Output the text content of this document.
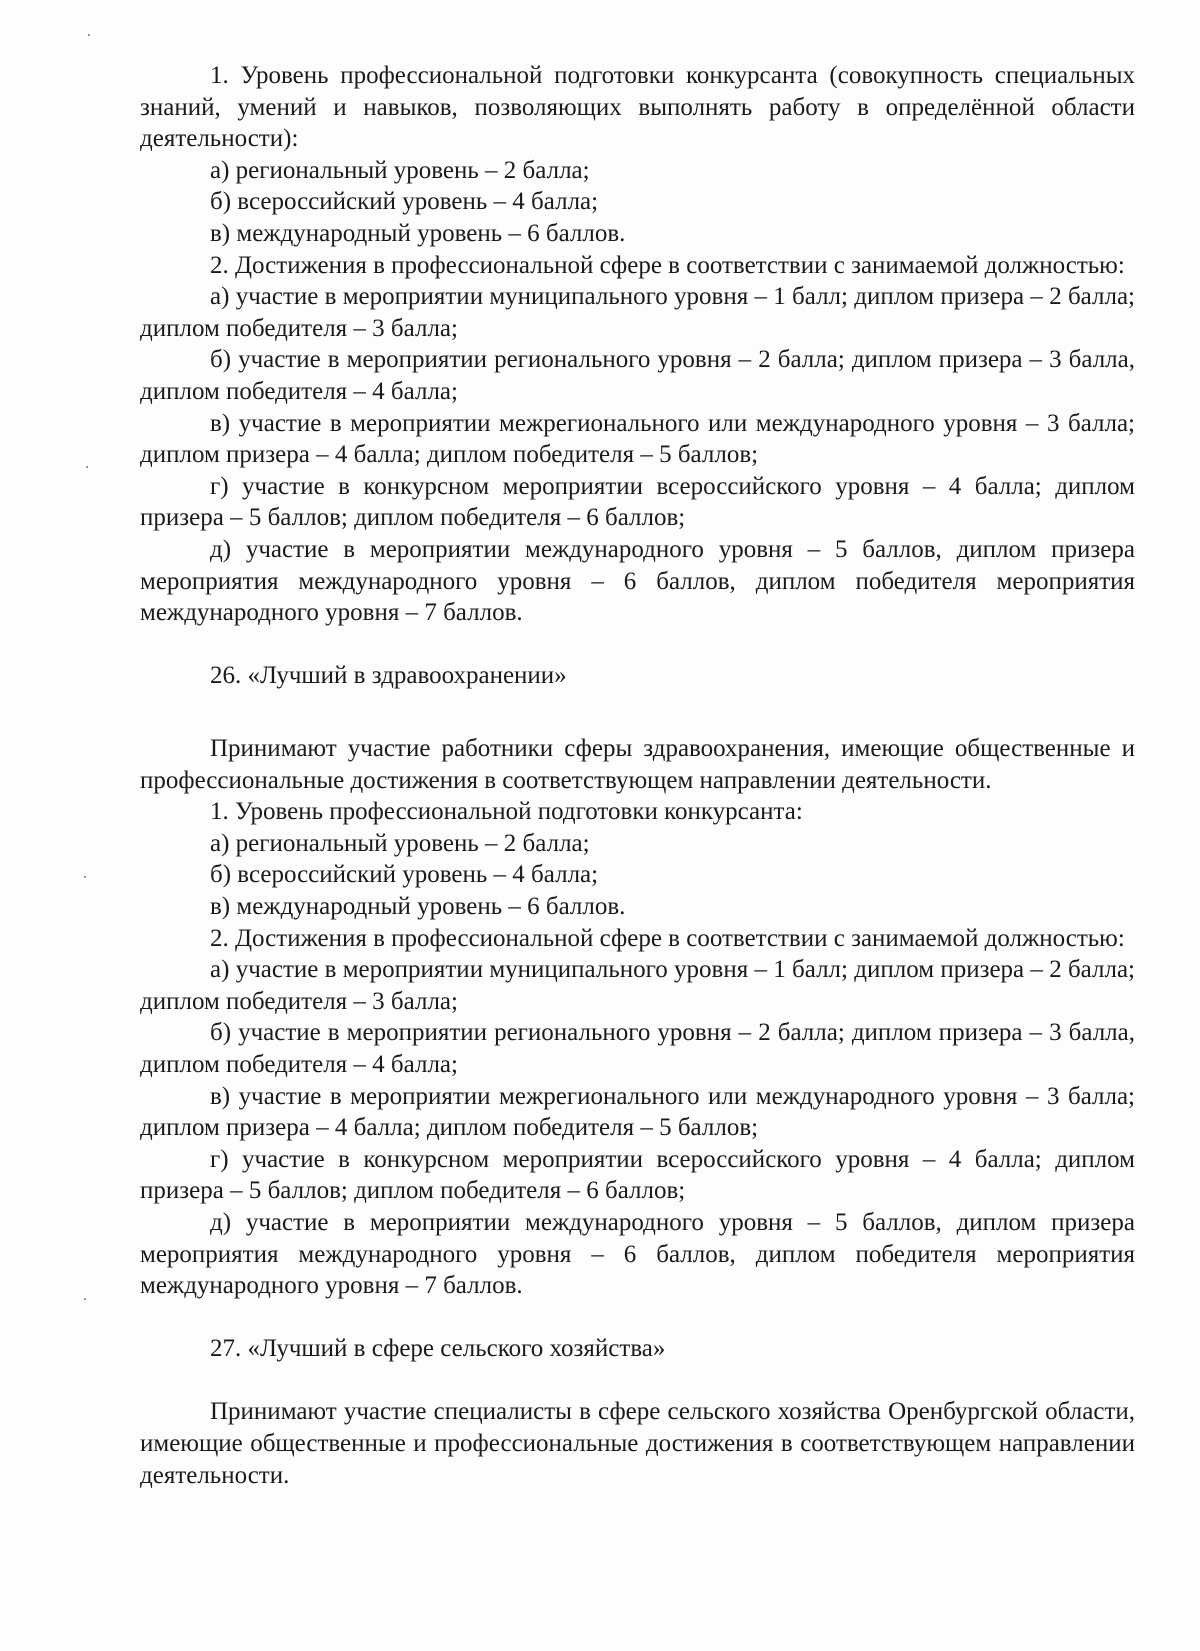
1. Уровень профессиональной подготовки конкурсанта (совокупность специальных знаний, умений и навыков, позволяющих выполнять работу в определённой области деятельности):

а) региональный уровень – 2 балла;

б) всероссийский уровень – 4 балла;

в) международный уровень – 6 баллов.

2. Достижения в профессиональной сфере в соответствии с занимаемой должностью:

а) участие в мероприятии муниципального уровня – 1 балл; диплом призера – 2 балла; диплом победителя – 3 балла;

б) участие в мероприятии регионального уровня – 2 балла; диплом призера – 3 балла, диплом победителя – 4 балла;

в) участие в мероприятии межрегионального или международного уровня – 3 балла; диплом призера – 4 балла; диплом победителя – 5 баллов;

г) участие в конкурсном мероприятии всероссийского уровня – 4 балла; диплом призера – 5 баллов; диплом победителя – 6 баллов;

д) участие в мероприятии международного уровня – 5 баллов, диплом призера мероприятия международного уровня – 6 баллов, диплом победителя мероприятия международного уровня – 7 баллов.

26. «Лучший в здравоохранении»

Принимают участие работники сферы здравоохранения, имеющие общественные и профессиональные достижения в соответствующем направлении деятельности.

1. Уровень профессиональной подготовки конкурсанта:

а) региональный уровень – 2 балла;

б) всероссийский уровень – 4 балла;

в) международный уровень – 6 баллов.

2. Достижения в профессиональной сфере в соответствии с занимаемой должностью:

а) участие в мероприятии муниципального уровня – 1 балл; диплом призера – 2 балла; диплом победителя – 3 балла;

б) участие в мероприятии регионального уровня – 2 балла; диплом призера – 3 балла, диплом победителя – 4 балла;

в) участие в мероприятии межрегионального или международного уровня – 3 балла; диплом призера – 4 балла; диплом победителя – 5 баллов;

г) участие в конкурсном мероприятии всероссийского уровня – 4 балла; диплом призера – 5 баллов; диплом победителя – 6 баллов;

д) участие в мероприятии международного уровня – 5 баллов, диплом призера мероприятия международного уровня – 6 баллов, диплом победителя мероприятия международного уровня – 7 баллов.

27. «Лучший в сфере сельского хозяйства»

Принимают участие специалисты в сфере сельского хозяйства Оренбургской области, имеющие общественные и профессиональные достижения в соответствующем направлении деятельности.
